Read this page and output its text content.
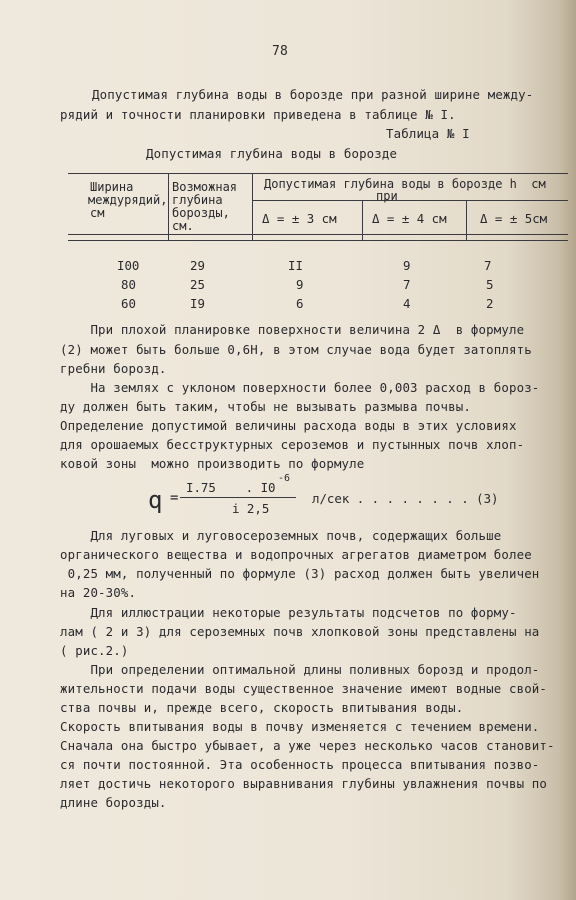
78
Допустимая глубина воды в борозде при разной ширине между-
рядий и точности планировки приведена в таблице № I.
Таблица № I
Допустимая глубина воды в борозде
Ширина
междурядий,
см
Возможная
глубина
борозды,
см.
Допустимая глубина воды в борозде h  см
при
Δ = ± 3 см	Δ = ± 4 см	Δ = ± 5см
I00	29	II	9	7
80	25	9	7	5
60	I9	6	4	2
При плохой планировке поверхности величина 2 Δ  в формуле
(2) может быть больше 0,6Н, в этом случае вода будет затоплять
гребни борозд.
На землях с уклоном поверхности более 0,003 расход в бороз-
ду должен быть таким, чтобы не вызывать размыва почвы.
Определение допустимой величины расхода воды в этих условиях
для орошаемых бесструктурных сероземов и пустынных почв хлоп-
ковой зоны  можно производить по формуле
q =
I.75    . I0
-6
i 2,5
л/сек . . . . . . . . (3)
Для луговых и луговосероземных почв, содержащих больше
органического вещества и водопрочных агрегатов диаметром более
0,25 мм, полученный по формуле (3) расход должен быть увеличен
на 20-30%.
Для иллюстрации некоторые результаты подсчетов по форму-
лам ( 2 и 3) для сероземных почв хлопковой зоны представлены на
( рис.2.)
При определении оптимальной длины поливных борозд и продол-
жительности подачи воды существенное значение имеют водные свой-
ства почвы и, прежде всего, скорость впитывания воды.
Скорость впитывания воды в почву изменяется с течением времени.
Сначала она быстро убывает, а уже через несколько часов становит-
ся почти постоянной. Эта особенность процесса впитывания позво-
ляет достичь некоторого выравнивания глубины увлажнения почвы по
длине борозды.
